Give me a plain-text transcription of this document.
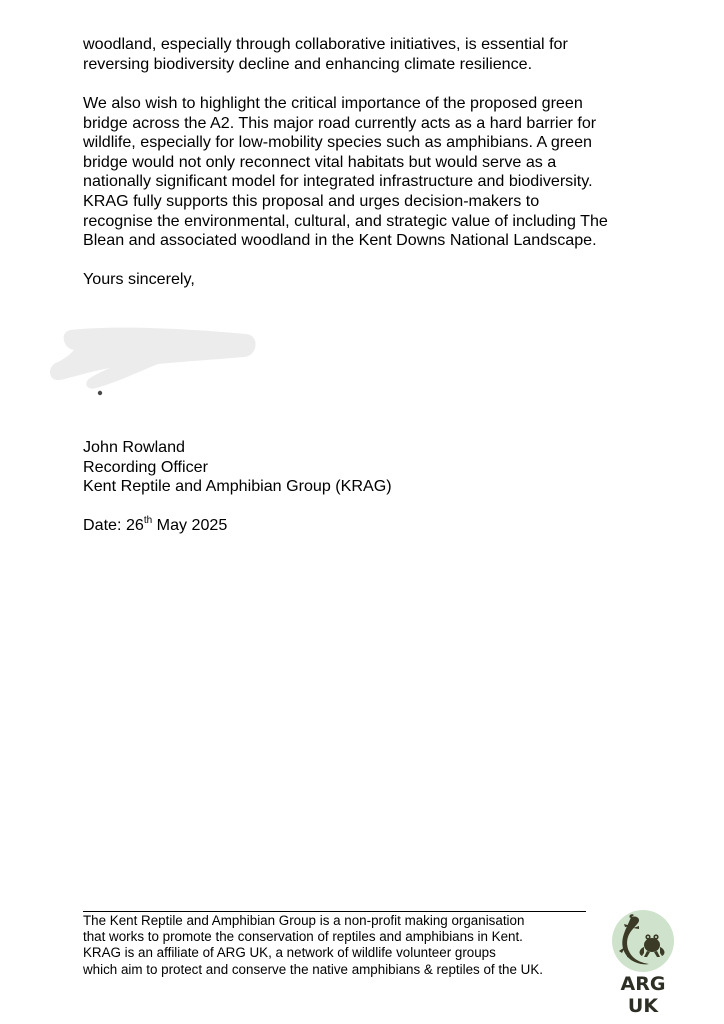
woodland, especially through collaborative initiatives, is essential for
reversing biodiversity decline and enhancing climate resilience.

We also wish to highlight the critical importance of the proposed green
bridge across the A2. This major road currently acts as a hard barrier for
wildlife, especially for low-mobility species such as amphibians. A green
bridge would not only reconnect vital habitats but would serve as a
nationally significant model for integrated infrastructure and biodiversity.
KRAG fully supports this proposal and urges decision-makers to
recognise the environmental, cultural, and strategic value of including The
Blean and associated woodland in the Kent Downs National Landscape.

Yours sincerely,

John Rowland
Recording Officer
Kent Reptile and Amphibian Group (KRAG)

Date: 26th May 2025

The Kent Reptile and Amphibian Group is a non-profit making organisation
that works to promote the conservation of reptiles and amphibians in Kent.
KRAG is an affiliate of ARG UK, a network of wildlife volunteer groups
which aim to protect and conserve the native amphibians & reptiles of the UK.

ARG UK
